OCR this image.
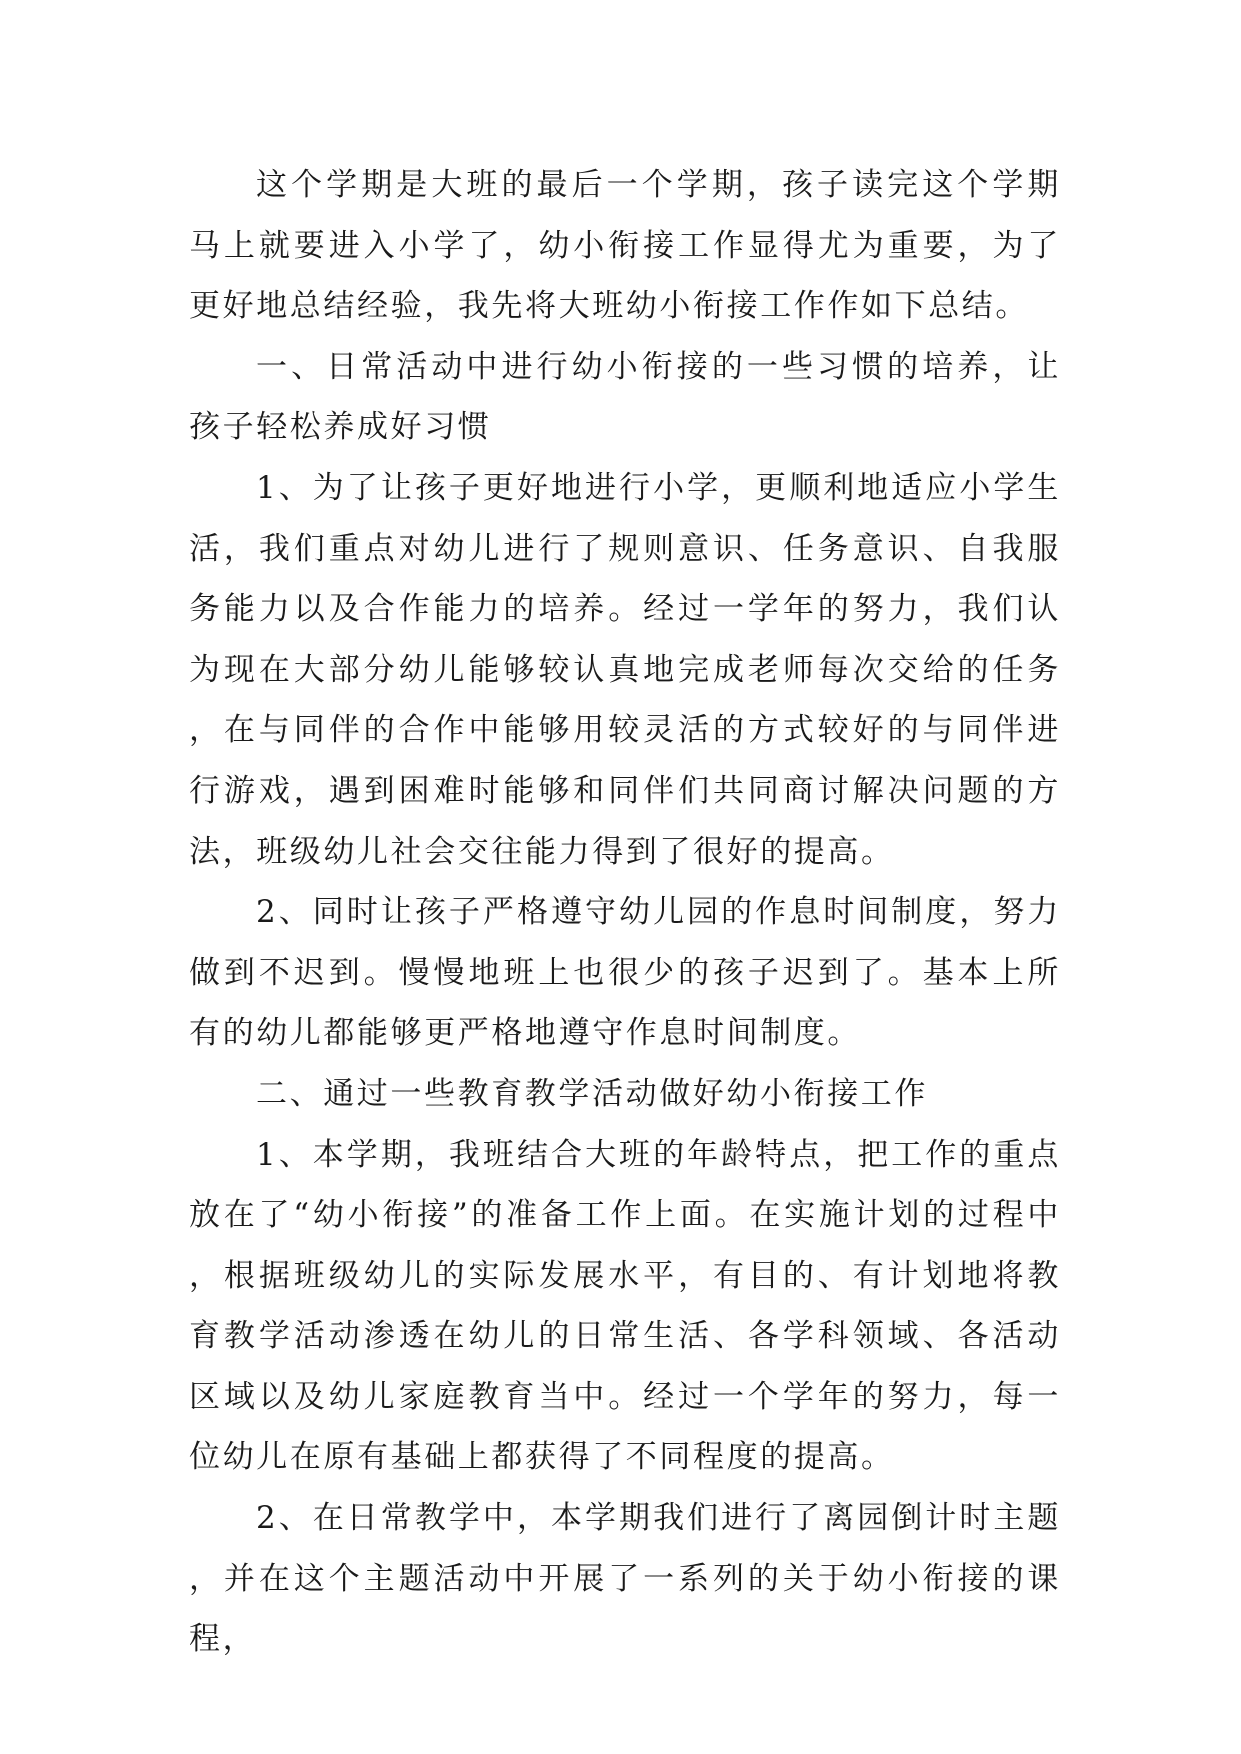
这个学期是大班的最后一个学期，孩子读完这个学期马上就要进入小学了，幼小衔接工作显得尤为重要，为了更好地总结经验，我先将大班幼小衔接工作作如下总结。

一、日常活动中进行幼小衔接的一些习惯的培养，让孩子轻松养成好习惯

1、为了让孩子更好地进行小学，更顺利地适应小学生活，我们重点对幼儿进行了规则意识、任务意识、自我服务能力以及合作能力的培养。经过一学年的努力，我们认为现在大部分幼儿能够较认真地完成老师每次交给的任务，在与同伴的合作中能够用较灵活的方式较好的与同伴进行游戏，遇到困难时能够和同伴们共同商讨解决问题的方法，班级幼儿社会交往能力得到了很好的提高。

2、同时让孩子严格遵守幼儿园的作息时间制度，努力做到不迟到。慢慢地班上也很少的孩子迟到了。基本上所有的幼儿都能够更严格地遵守作息时间制度。

二、通过一些教育教学活动做好幼小衔接工作

1、本学期，我班结合大班的年龄特点，把工作的重点放在了“幼小衔接”的准备工作上面。在实施计划的过程中，根据班级幼儿的实际发展水平，有目的、有计划地将教育教学活动渗透在幼儿的日常生活、各学科领域、各活动区域以及幼儿家庭教育当中。经过一个学年的努力，每一位幼儿在原有基础上都获得了不同程度的提高。

2、在日常教学中，本学期我们进行了离园倒计时主题，并在这个主题活动中开展了一系列的关于幼小衔接的课程，
